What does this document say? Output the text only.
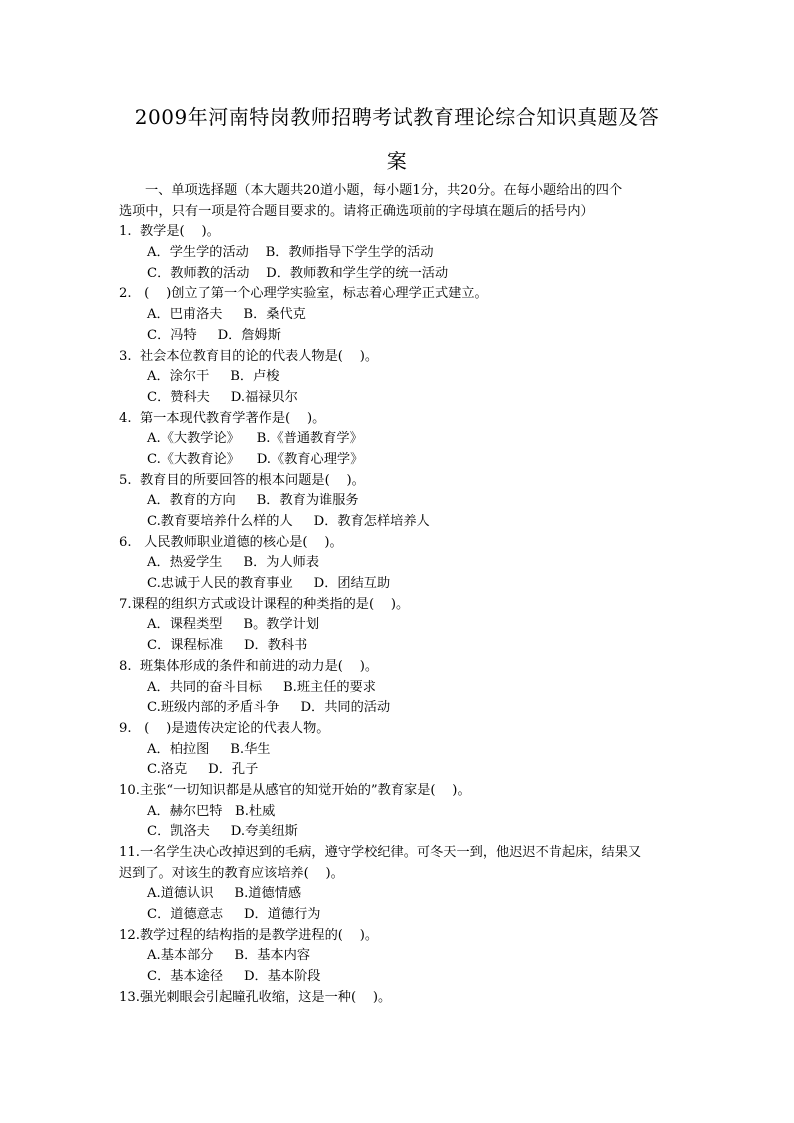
2009年河南特岗教师招聘考试教育理论综合知识真题及答
案
一、单项选择题（本大题共20道小题，每小题1分，共20分。在每小题给出的四个
选项中，只有一项是符合题目要求的。请将正确选项前的字母填在题后的括号内）
1.  教学是(    )。
A．学生学的活动    B．教师指导下学生学的活动
C．教师教的活动    D．教师教和学生学的统一活动
2.   (    )创立了第一个心理学实验室，标志着心理学正式建立。
A．巴甫洛夫     B．桑代克
C．冯特     D．詹姆斯
3.  社会本位教育目的论的代表人物是(    )。
A．涂尔干     B．卢梭
C．赞科夫     D.福禄贝尔
4.  第一本现代教育学著作是(    )。
A.《大教学论》    B.《普通教育学》
C.《大教育论》    D.《教育心理学》
5.  教育目的所要回答的根本问题是(    )。
A．教育的方向     B．教育为谁服务
C.教育要培养什么样的人     D．教育怎样培养人
6.   人民教师职业道德的核心是(    )。
A．热爱学生     B．为人师表
C.忠诚于人民的教育事业     D．团结互助
7.课程的组织方式或设计课程的种类指的是(    )。
A．课程类型     B。教学计划
C．课程标准     D．教科书
8.  班集体形成的条件和前进的动力是(    )。
A．共同的奋斗目标     B.班主任的要求
C.班级内部的矛盾斗争     D．共同的活动
9.   (    )是遗传决定论的代表人物。
A．柏拉图     B.华生
C.洛克     D．孔子
10.主张“一切知识都是从感官的知觉开始的”教育家是(    )。
A．赫尔巴特   B.杜威
C．凯洛夫     D.夸美纽斯
11.一名学生决心改掉迟到的毛病，遵守学校纪律。可冬天一到，他迟迟不肯起床，结果又
迟到了。对该生的教育应该培养(    )。
A.道德认识     B.道德情感
C．道德意志     D．道德行为
12.教学过程的结构指的是教学进程的(    )。
A.基本部分     B．基本内容
C．基本途径     D．基本阶段
13.强光刺眼会引起瞳孔收缩，这是一种(    )。
